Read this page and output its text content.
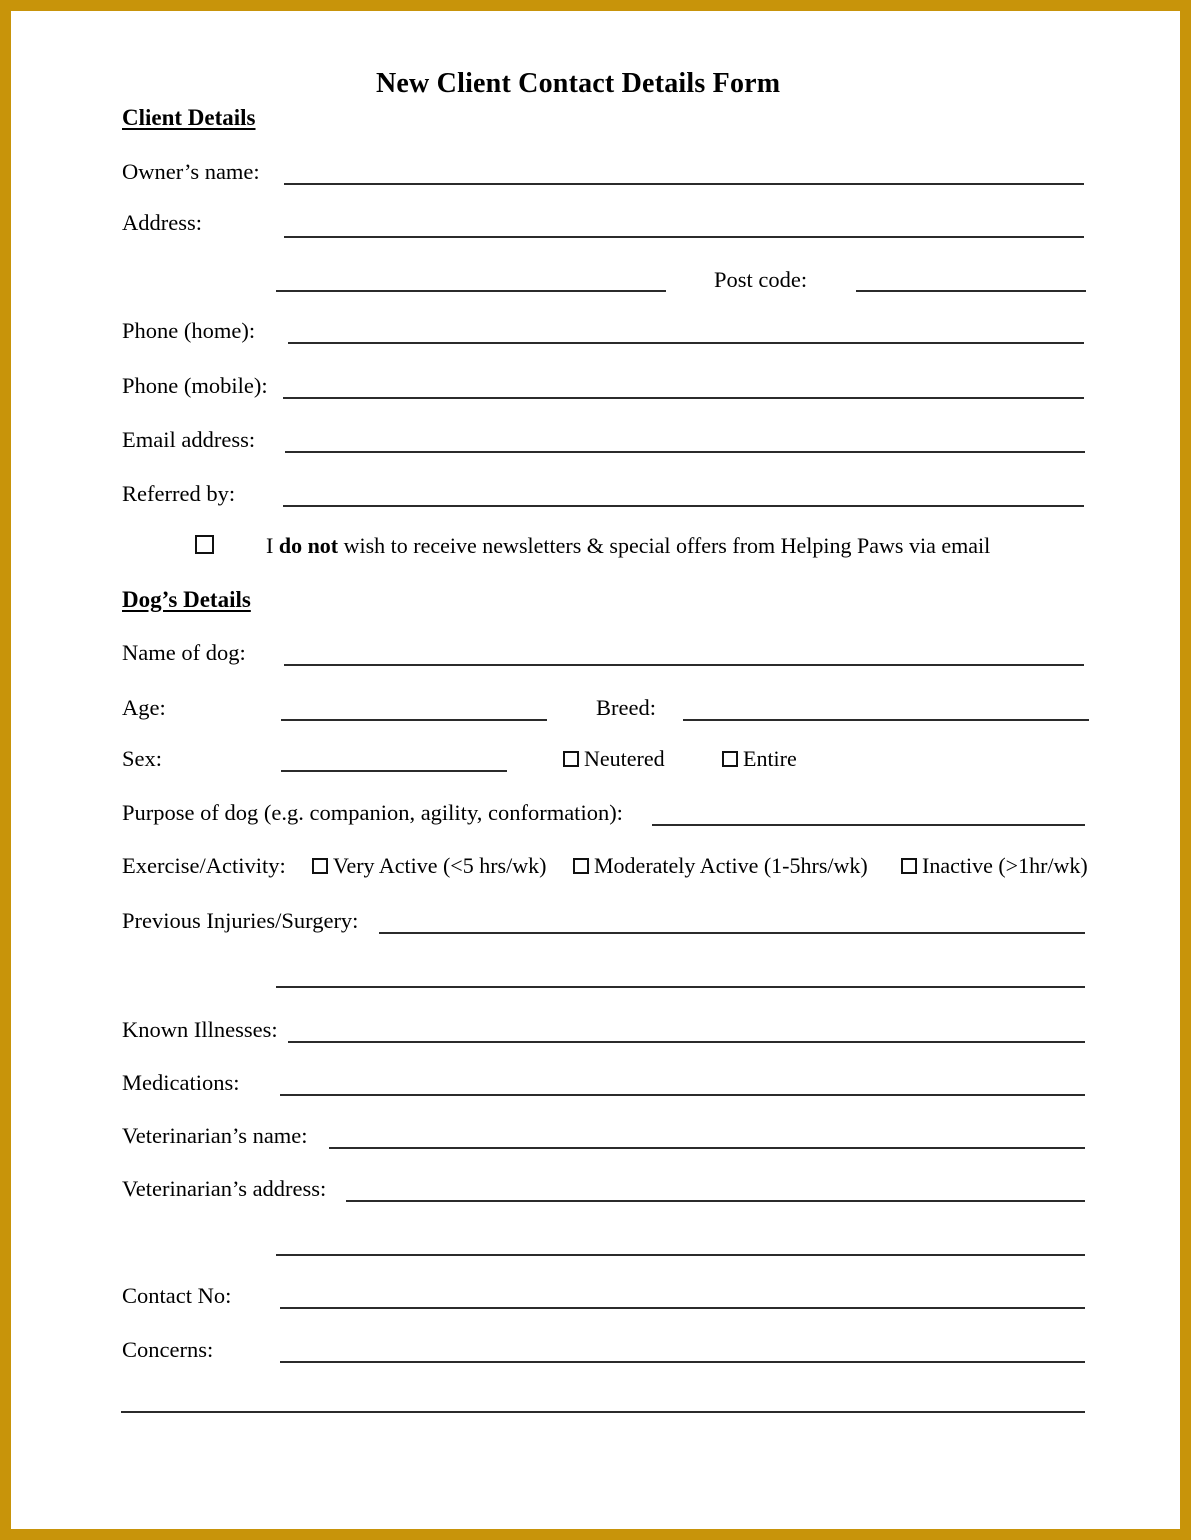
New Client Contact Details Form
Client Details
Owner’s name:
Address:
Post code:
Phone (home):
Phone (mobile):
Email address:
Referred by:
I do not wish to receive newsletters & special offers from Helping Paws via email
Dog’s Details
Name of dog:
Age:	Breed:
Sex:	Neutered	Entire
Purpose of dog (e.g. companion, agility, conformation):
Exercise/Activity: Very Active (<5 hrs/wk) Moderately Active (1-5hrs/wk) Inactive (>1hr/wk)
Previous Injuries/Surgery:
Known Illnesses:
Medications:
Veterinarian’s name:
Veterinarian’s address:
Contact No:
Concerns:
